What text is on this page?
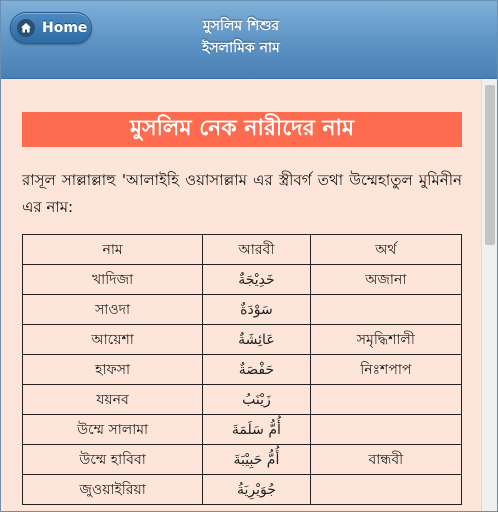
Home	মুসলিম শিশুর
ইসলামিক নাম
মুসলিম নেক নারীদের নাম
রাসূল সাল্লাল্লাহু 'আলাইহি ওয়াসাল্লাম এর স্ত্রীবর্গ তথা উম্মেহাতুল মুমিনীন এর নাম:
নাম	আরবী	অর্থ
খাদিজা	خَدِيْجَةٌ	অজানা
সাওদা	سَوْدَةٌ	
আয়েশা	عَائِشَةٌ	সমৃদ্ধিশালী
হাফসা	حَفْصَةٌ	নিঃশপাপ
যয়নব	زَيْنَبُ	
উম্মে সালামা	أُمُّ سَلَمَةَ	
উম্মে হাবিবা	أُمُّ حَبِيْبَةَ	বান্ধবী
জুওয়াইরিয়া	جُوَيْرِيَةُ	
